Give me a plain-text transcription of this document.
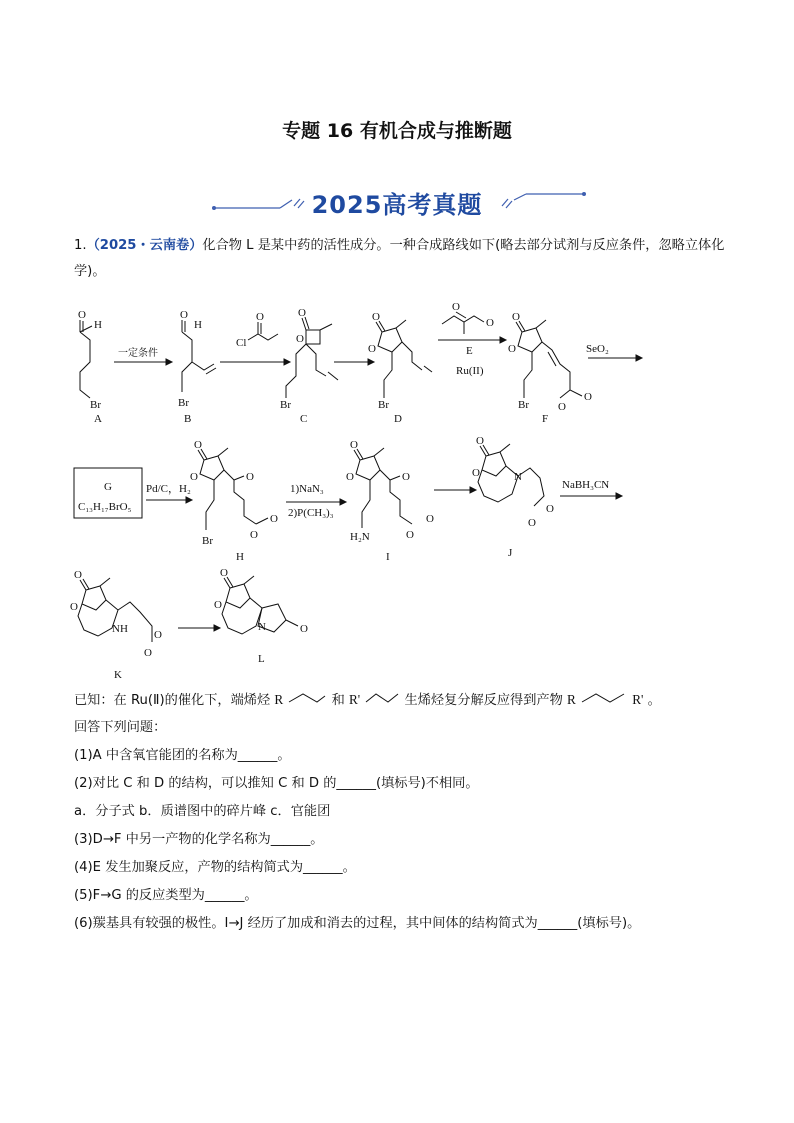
专题 16 有机合成与推断题
2025高考真题
1.（2025・云南卷）化合物 L 是某中药的活性成分。一种合成路线如下(略去部分试剂与反应条件，忽略立体化学)。
O
H
Br
A
一定条件
O
H
Br
B
O
Cl
O
O
Br
C
O
O
Br
D
O
O
E
Ru(II)
O
O
O
O
Br
F
SeO₂
G
C₁₃H₁₇BrO₅
Pd/C，H₂
O
O	O
O
O
Br
H
1)NaN₃
2)P(CH₃)₃
O
O	O
O
O
H₂N
I
O
O	N
O
O
J
NaBH₃CN
O
O
NH O
O
K
O
O
N	O
L
已知：在 Ru(Ⅱ)的催化下，端烯烃 R	和 R'	生烯烃复分解反应得到产物 R	R' 。
回答下列问题：
(1)A 中含氧官能团的名称为______。
(2)对比 C 和 D 的结构，可以推知 C 和 D 的______(填标号)不相同。
a．分子式 b．质谱图中的碎片峰 c．官能团
(3)D→F 中另一产物的化学名称为______。
(4)E 发生加聚反应，产物的结构简式为______。
(5)F→G 的反应类型为______。
(6)羰基具有较强的极性。I→J 经历了加成和消去的过程，其中间体的结构简式为______(填标号)。
